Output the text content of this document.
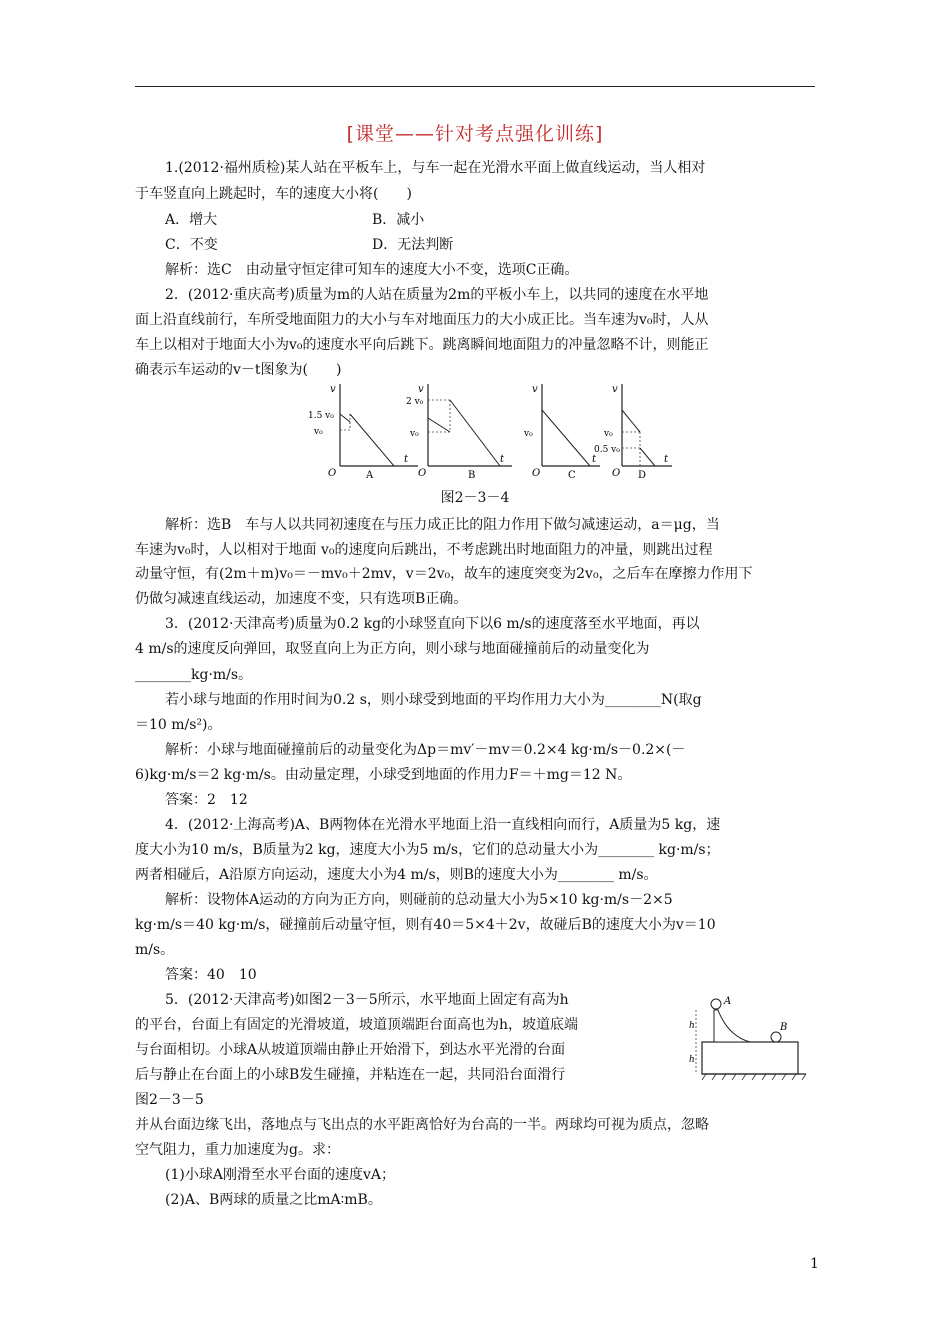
[课堂——针对考点强化训练]
1.(2012·福州质检)某人站在平板车上，与车一起在光滑水平面上做直线运动，当人相对
于车竖直向上跳起时，车的速度大小将(　　)
A．增大	B．减小
C．不变	D．无法判断
解析：选C　由动量守恒定律可知车的速度大小不变，选项C正确。
2．(2012·重庆高考)质量为m的人站在质量为2m的平板小车上，以共同的速度在水平地
面上沿直线前行，车所受地面阻力的大小与车对地面压力的大小成正比。当车速为v₀时，人从
车上以相对于地面大小为v₀的速度水平向后跳下。跳离瞬间地面阻力的冲量忽略不计，则能正
确表示车运动的v－t图象为(　　)
v
t
O
1.5 v₀
v₀
A
v
t
O
2 v₀
v₀
B
v
t
O
v₀
C
v
t
O
v₀
0.5 v₀
D
图2－3－4
解析：选B　车与人以共同初速度在与压力成正比的阻力作用下做匀减速运动，a＝μg，当
车速为v₀时，人以相对于地面 v₀的速度向后跳出，不考虑跳出时地面阻力的冲量，则跳出过程
动量守恒，有(2m＋m)v₀＝－mv₀＋2mv，v＝2v₀，故车的速度突变为2v₀，之后车在摩擦力作用下
仍做匀减速直线运动，加速度不变，只有选项B正确。
3．(2012·天津高考)质量为0.2 kg的小球竖直向下以6 m/s的速度落至水平地面，再以
4 m/s的速度反向弹回，取竖直向上为正方向，则小球与地面碰撞前后的动量变化为
________kg·m/s。
若小球与地面的作用时间为0.2 s，则小球受到地面的平均作用力大小为________N(取g
＝10 m/s²)。
解析：小球与地面碰撞前后的动量变化为Δp＝mv′－mv＝0.2×4 kg·m/s－0.2×(－
6)kg·m/s＝2 kg·m/s。由动量定理，小球受到地面的作用力F＝＋mg＝12 N。
答案：2　12
4．(2012·上海高考)A、B两物体在光滑水平地面上沿一直线相向而行，A质量为5 kg，速
度大小为10 m/s，B质量为2 kg，速度大小为5 m/s，它们的总动量大小为________ kg·m/s；
两者相碰后，A沿原方向运动，速度大小为4 m/s，则B的速度大小为________ m/s。
解析：设物体A运动的方向为正方向，则碰前的总动量大小为5×10 kg·m/s－2×5
kg·m/s＝40 kg·m/s，碰撞前后动量守恒，则有40＝5×4＋2v，故碰后B的速度大小为v＝10
m/s。
答案：40　10
5．(2012·天津高考)如图2－3－5所示，水平地面上固定有高为h
的平台，台面上有固定的光滑坡道，坡道顶端距台面高也为h，坡道底端
与台面相切。小球A从坡道顶端由静止开始滑下，到达水平光滑的台面
后与静止在台面上的小球B发生碰撞，并粘连在一起，共同沿台面滑行
图2－3－5
并从台面边缘飞出，落地点与飞出点的水平距离恰好为台高的一半。两球均可视为质点，忽略
空气阻力，重力加速度为g。求：
(1)小球A刚滑至水平台面的速度vA；
(2)A、B两球的质量之比mA∶mB。
A
B
h
h
1
